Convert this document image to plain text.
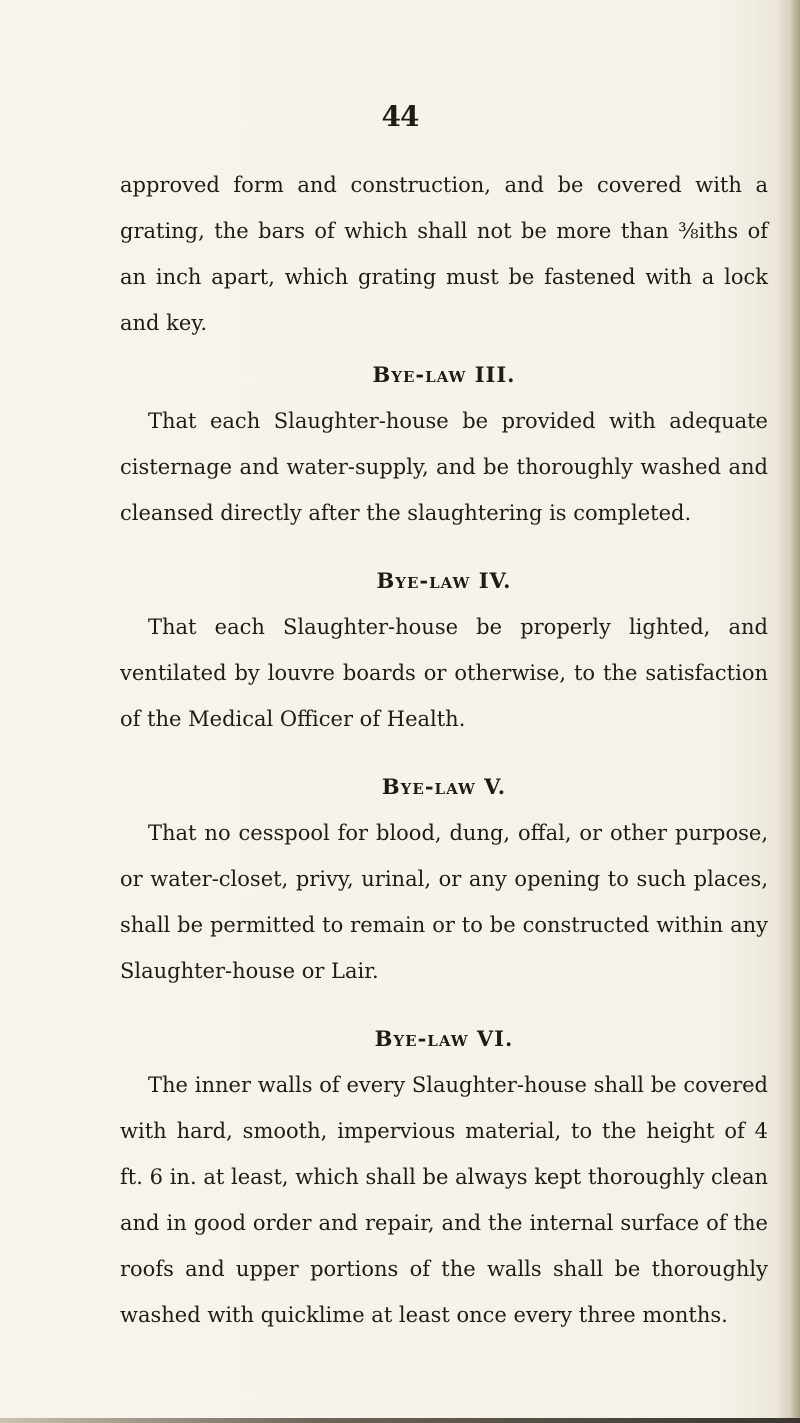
44

approved form and construction, and be covered with a grating, the bars of which shall not be more than ⅜iths of an inch apart, which grating must be fastened with a lock and key.

Bye-law III.

That each Slaughter-house be provided with adequate cisternage and water-supply, and be thoroughly washed and cleansed directly after the slaughtering is completed.

Bye-law IV.

That each Slaughter-house be properly lighted, and ventilated by louvre boards or otherwise, to the satisfaction of the Medical Officer of Health.

Bye-law V.

That no cesspool for blood, dung, offal, or other purpose, or water-closet, privy, urinal, or any opening to such places, shall be permitted to remain or to be constructed within any Slaughter-house or Lair.

Bye-law VI.

The inner walls of every Slaughter-house shall be covered with hard, smooth, impervious material, to the height of 4 ft. 6 in. at least, which shall be always kept thoroughly clean and in good order and repair, and the internal surface of the roofs and upper portions of the walls shall be thoroughly washed with quicklime at least once every three months.
